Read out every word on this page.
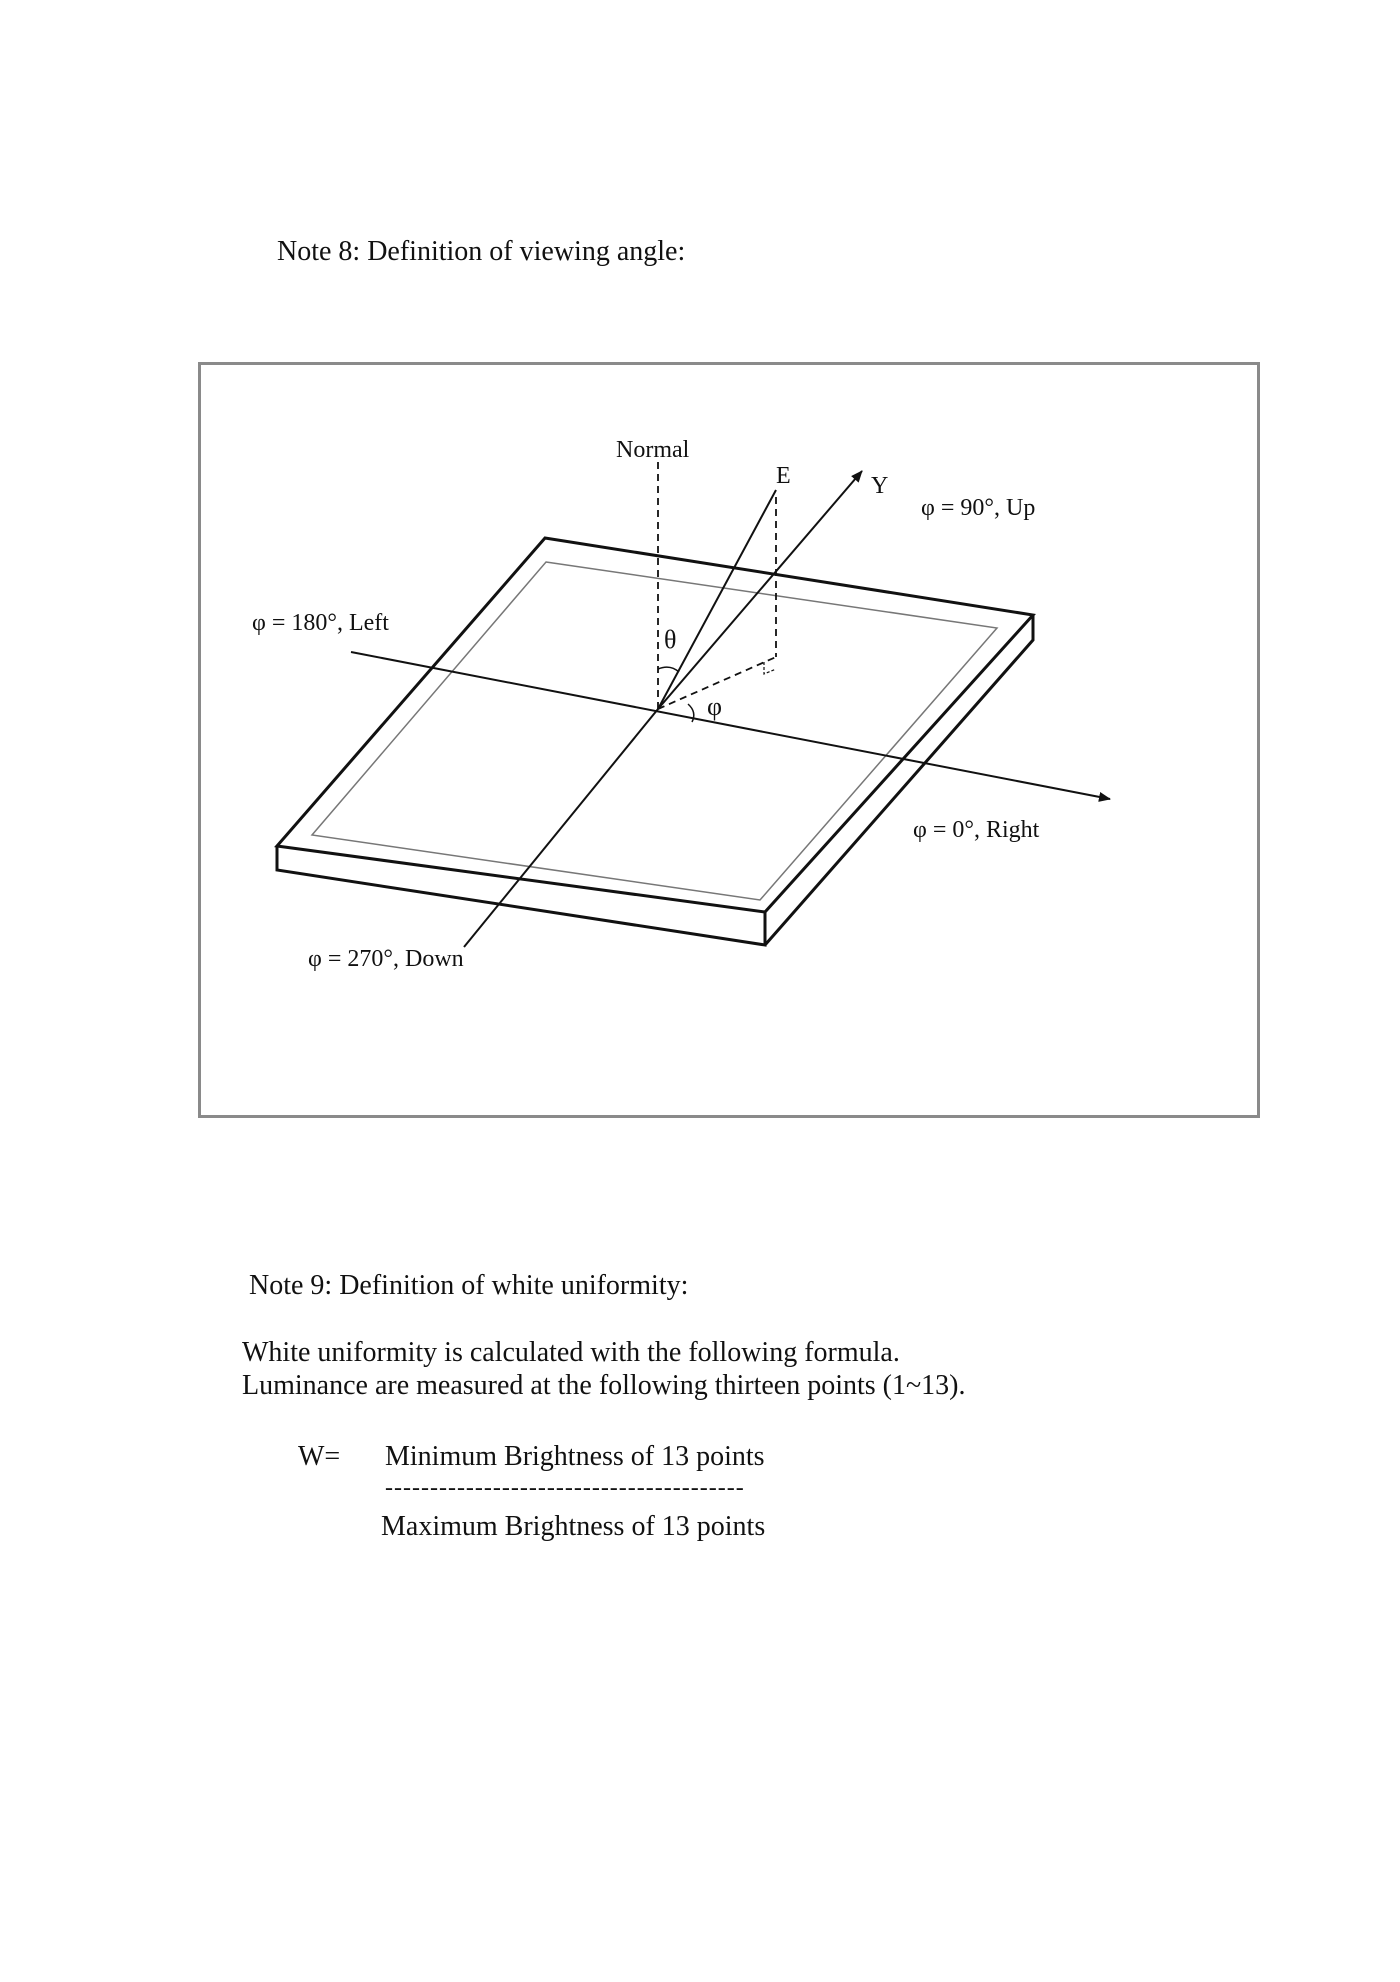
Note 8: Definition of viewing angle:
Normal
E	Y
φ = 90°, Up
φ = 180°, Left
θ
φ
φ = 0°, Right
φ = 270°, Down
Note 9: Definition of white uniformity:
White uniformity is calculated with the following formula.
Luminance are measured at the following thirteen points (1~13).
W= Minimum Brightness of 13 points
----------------------------------------
Maximum Brightness of 13 points
